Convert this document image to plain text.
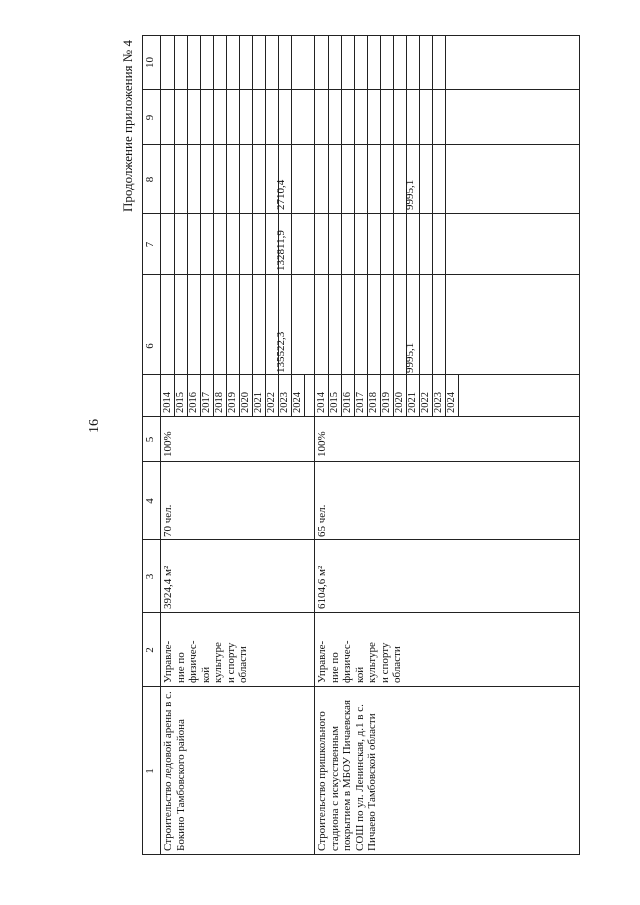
16
Продолжение приложения № 4
1
2
3
4
5
6
7
8
9
10
Строительство ледовой арены в с. Бокино Тамбовского района
Управле-
ние по
физичес-
кой
культуре
и спорту
области
3924,4 м²
70 чел.
100%
2014 2015 2016 2017 2018 2019 2020 2021 2022 2023 2024
135522,3
132811,9
2710,4
Строительство пришкольного стадиона с искусственным покрытием в МБОУ Пичаевская СОШ по ул. Ленинская, д.1 в с. Пичаево Тамбовской области
Управле-
ние по
физичес-
кой
культуре
и спорту
области
6104,6 м²
65 чел.
100%
2014 2015 2016 2017 2018 2019 2020 2021 2022 2023 2024
9995,1
9995,1
